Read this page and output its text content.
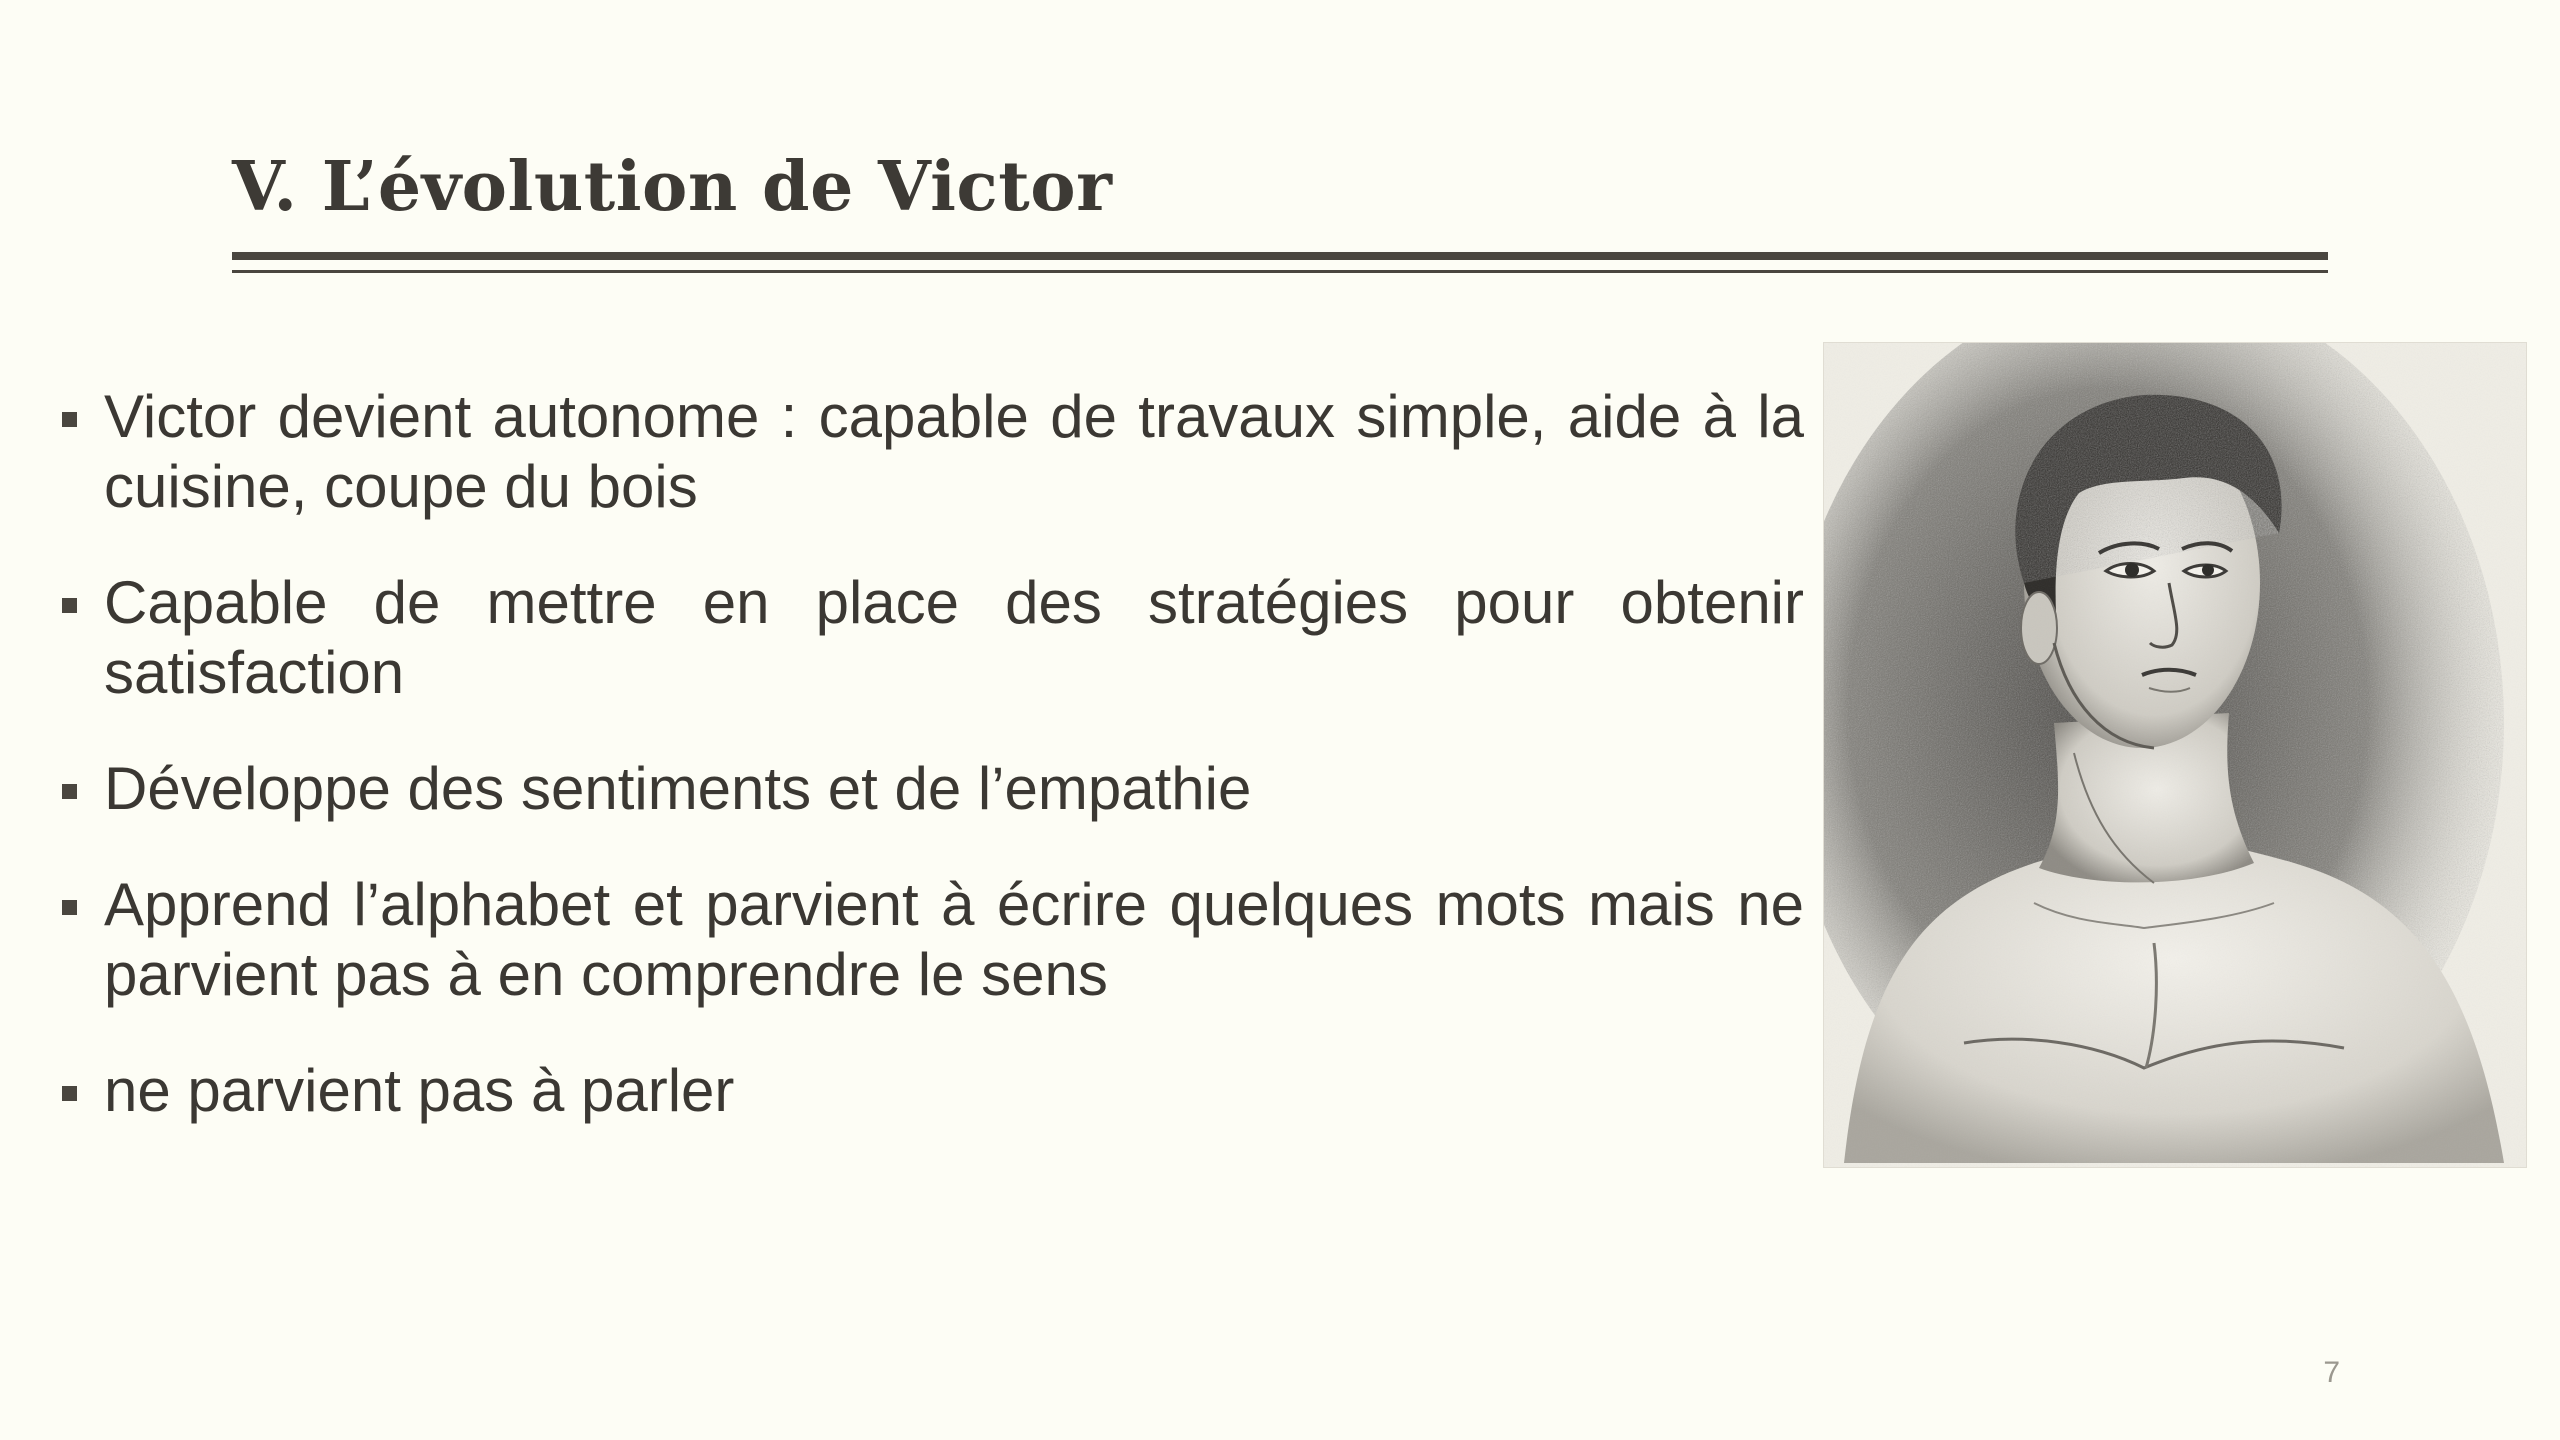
V. L’évolution de Victor
Victor devient autonome : capable de travaux simple, aide à la cuisine, coupe du bois
Capable de mettre en place des stratégies pour obtenir satisfaction
Développe des sentiments et de l’empathie
Apprend l’alphabet et parvient à écrire quelques mots mais ne parvient pas à en comprendre le sens
ne parvient pas à parler
7
